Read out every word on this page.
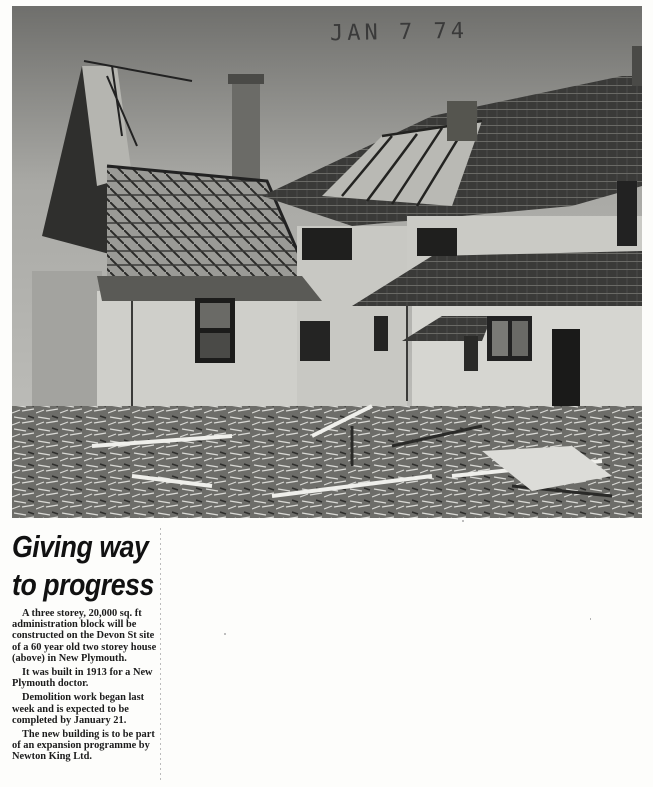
JAN 7 74
Giving way
to progress

A three storey, 20,000 sq. ft administration block will be constructed on the Devon St site of a 60 year old two storey house (above) in New Plymouth.

It was built in 1913 for a New Plymouth doctor.

Demolition work began last week and is expected to be completed by January 21.

The new building is to be part of an expansion programme by Newton King Ltd.
